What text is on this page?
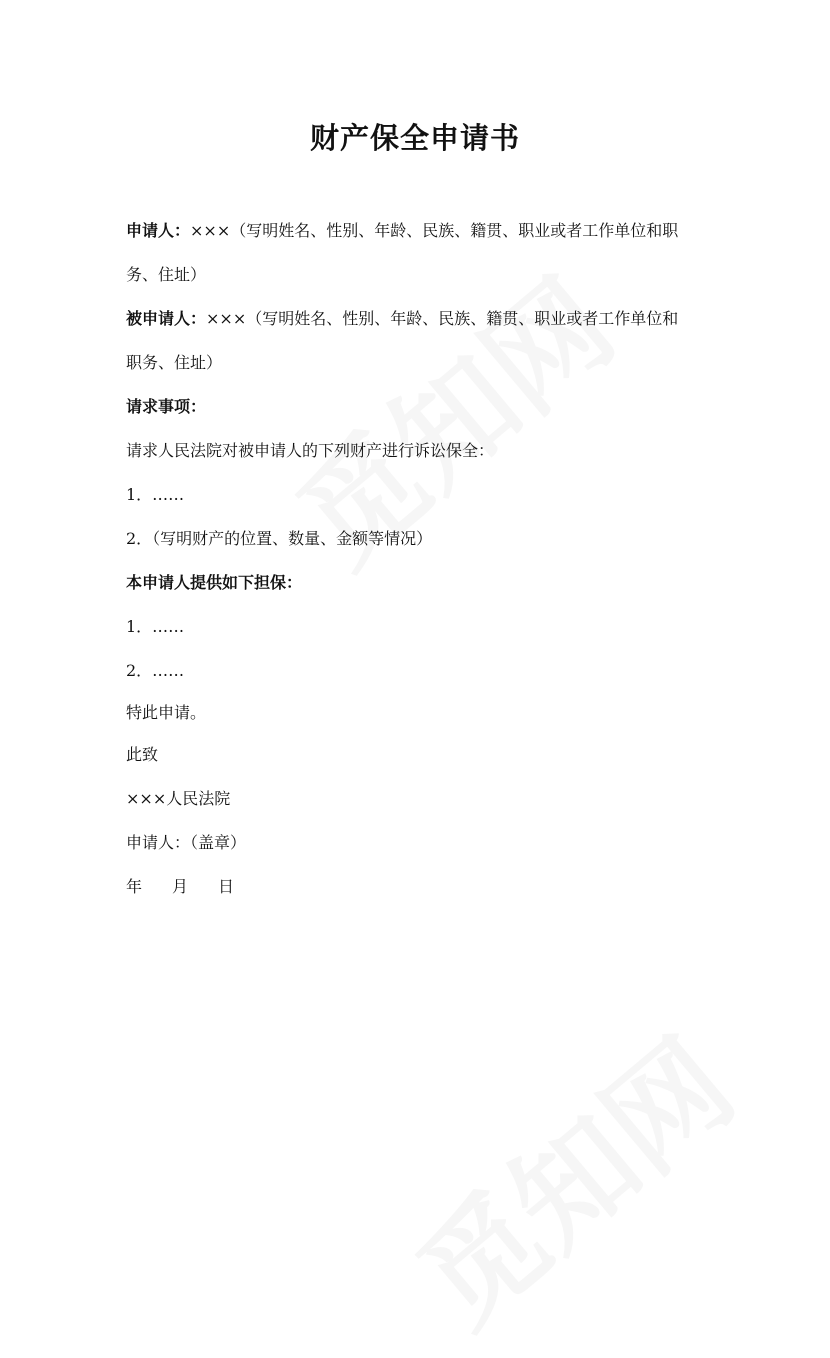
财产保全申请书
申请人：×××（写明姓名、性别、年龄、民族、籍贯、职业或者工作单位和职
务、住址）
被申请人：×××（写明姓名、性别、年龄、民族、籍贯、职业或者工作单位和
职务、住址）
请求事项：
请求人民法院对被申请人的下列财产进行诉讼保全：
1．……
2．（写明财产的位置、数量、金额等情况）
本申请人提供如下担保：
1．……
2．……
特此申请。
此致
×××人民法院
申请人：（盖章）
年 月 日
